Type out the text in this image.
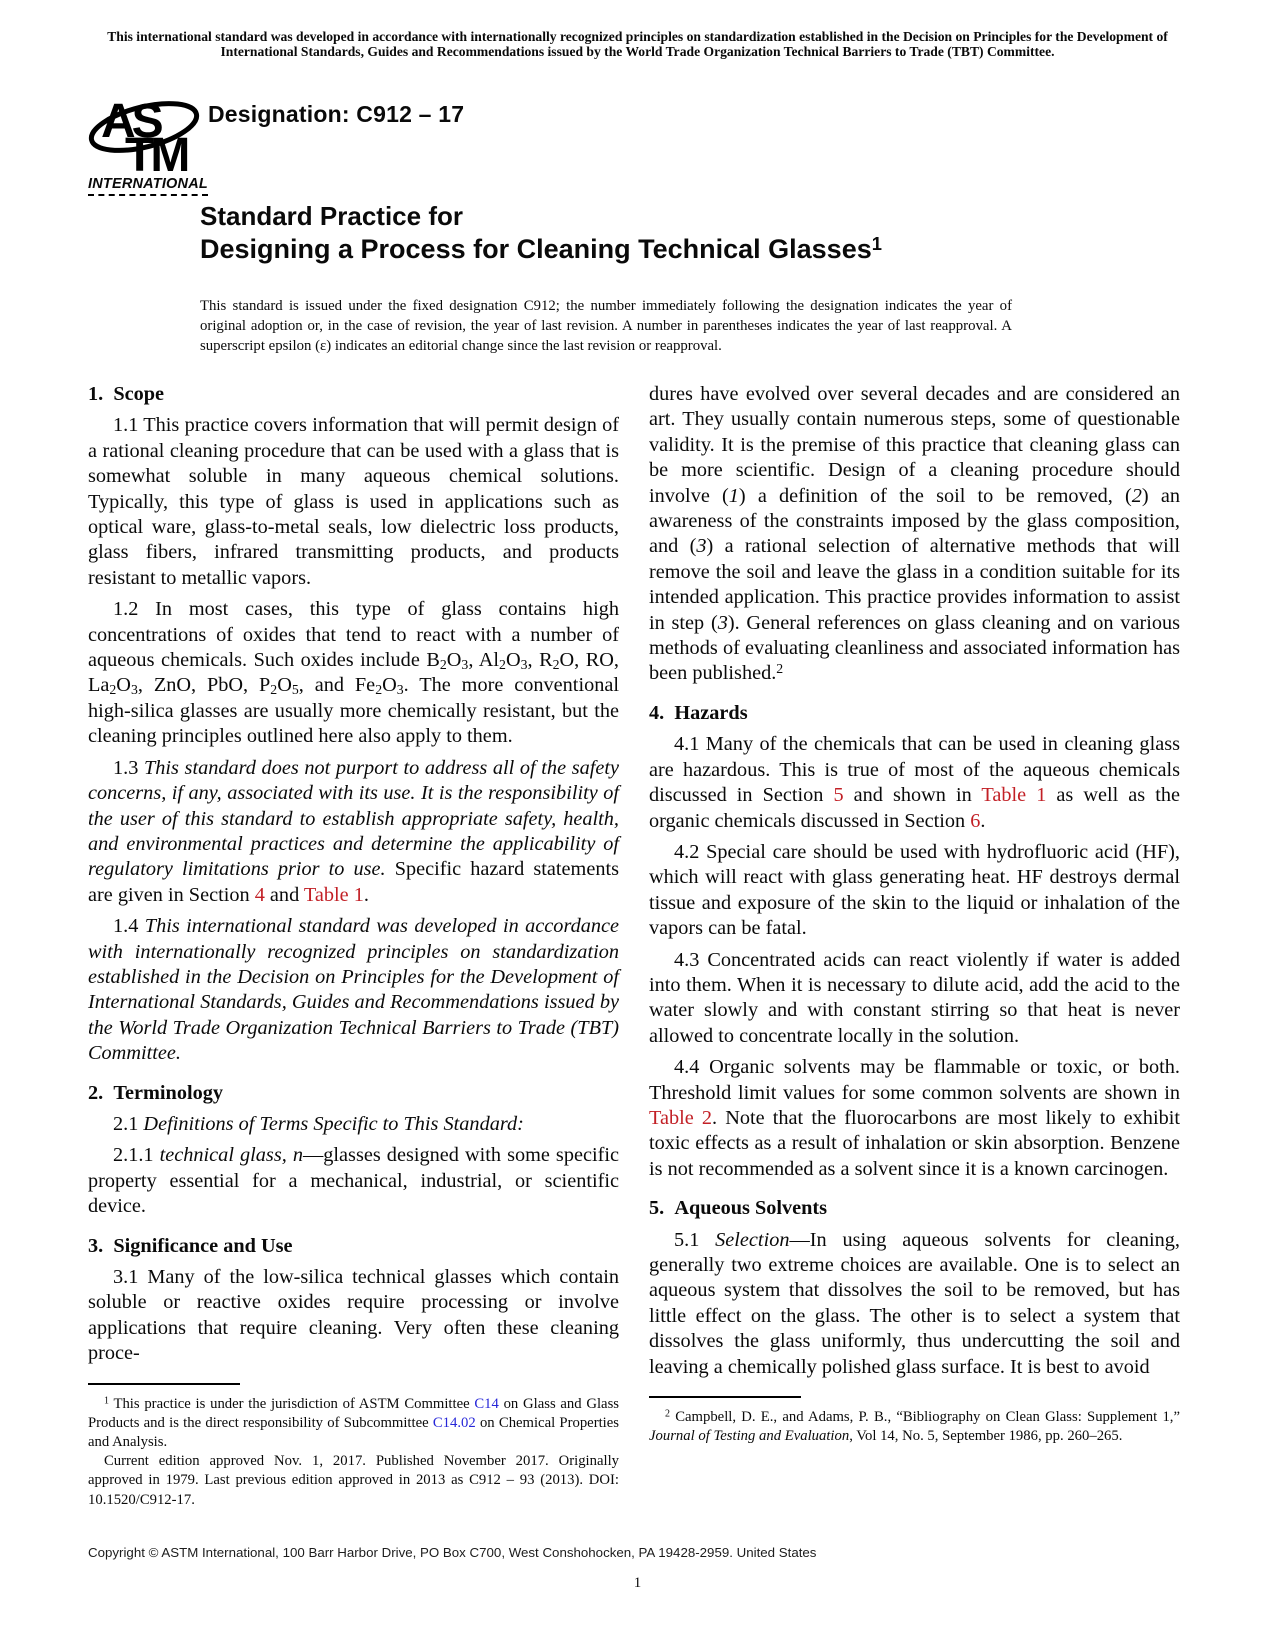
This international standard was developed in accordance with internationally recognized principles on standardization established in the Decision on Principles for the Development of International Standards, Guides and Recommendations issued by the World Trade Organization Technical Barriers to Trade (TBT) Committee.
AS
TM
INTERNATIONAL
Designation: C912 – 17
Standard Practice for
Designing a Process for Cleaning Technical Glasses$^1$
This standard is issued under the fixed designation C912; the number immediately following the designation indicates the year of original adoption or, in the case of revision, the year of last revision. A number in parentheses indicates the year of last reapproval. A superscript epsilon (ε) indicates an editorial change since the last revision or reapproval.
1. Scope

1.1 This practice covers information that will permit design of a rational cleaning procedure that can be used with a glass that is somewhat soluble in many aqueous chemical solutions. Typically, this type of glass is used in applications such as optical ware, glass-to-metal seals, low dielectric loss products, glass fibers, infrared transmitting products, and products resistant to metallic vapors.

1.2 In most cases, this type of glass contains high concentrations of oxides that tend to react with a number of aqueous chemicals. Such oxides include $B_2O_3$, $Al_2O_3$, $R_2O$, RO, $La_2O_3$, ZnO, PbO, $P_2O_5$, and $Fe_2O_3$. The more conventional high-silica glasses are usually more chemically resistant, but the cleaning principles outlined here also apply to them.

1.3 This standard does not purport to address all of the safety concerns, if any, associated with its use. It is the responsibility of the user of this standard to establish appropriate safety, health, and environmental practices and determine the applicability of regulatory limitations prior to use. Specific hazard statements are given in Section 4 and Table 1.

1.4 This international standard was developed in accordance with internationally recognized principles on standardization established in the Decision on Principles for the Development of International Standards, Guides and Recommendations issued by the World Trade Organization Technical Barriers to Trade (TBT) Committee.

2. Terminology

2.1 Definitions of Terms Specific to This Standard:

2.1.1 technical glass, n—glasses designed with some specific property essential for a mechanical, industrial, or scientific device.

3. Significance and Use

3.1 Many of the low-silica technical glasses which contain soluble or reactive oxides require processing or involve applications that require cleaning. Very often these cleaning proce-

$^1$ This practice is under the jurisdiction of ASTM Committee C14 on Glass and Glass Products and is the direct responsibility of Subcommittee C14.02 on Chemical Properties and Analysis.

Current edition approved Nov. 1, 2017. Published November 2017. Originally approved in 1979. Last previous edition approved in 2013 as C912 – 93 (2013). DOI: 10.1520/C912-17.

dures have evolved over several decades and are considered an art. They usually contain numerous steps, some of questionable validity. It is the premise of this practice that cleaning glass can be more scientific. Design of a cleaning procedure should involve (1) a definition of the soil to be removed, (2) an awareness of the constraints imposed by the glass composition, and (3) a rational selection of alternative methods that will remove the soil and leave the glass in a condition suitable for its intended application. This practice provides information to assist in step (3). General references on glass cleaning and on various methods of evaluating cleanliness and associated information has been published.$^2$

4. Hazards

4.1 Many of the chemicals that can be used in cleaning glass are hazardous. This is true of most of the aqueous chemicals discussed in Section 5 and shown in Table 1 as well as the organic chemicals discussed in Section 6.

4.2 Special care should be used with hydrofluoric acid (HF), which will react with glass generating heat. HF destroys dermal tissue and exposure of the skin to the liquid or inhalation of the vapors can be fatal.

4.3 Concentrated acids can react violently if water is added into them. When it is necessary to dilute acid, add the acid to the water slowly and with constant stirring so that heat is never allowed to concentrate locally in the solution.

4.4 Organic solvents may be flammable or toxic, or both. Threshold limit values for some common solvents are shown in Table 2. Note that the fluorocarbons are most likely to exhibit toxic effects as a result of inhalation or skin absorption. Benzene is not recommended as a solvent since it is a known carcinogen.

5. Aqueous Solvents

5.1 Selection—In using aqueous solvents for cleaning, generally two extreme choices are available. One is to select an aqueous system that dissolves the soil to be removed, but has little effect on the glass. The other is to select a system that dissolves the glass uniformly, thus undercutting the soil and leaving a chemically polished glass surface. It is best to avoid

$^2$ Campbell, D. E., and Adams, P. B., “Bibliography on Clean Glass: Supplement 1,” Journal of Testing and Evaluation, Vol 14, No. 5, September 1986, pp. 260–265.

Copyright © ASTM International, 100 Barr Harbor Drive, PO Box C700, West Conshohocken, PA 19428-2959. United States
1
